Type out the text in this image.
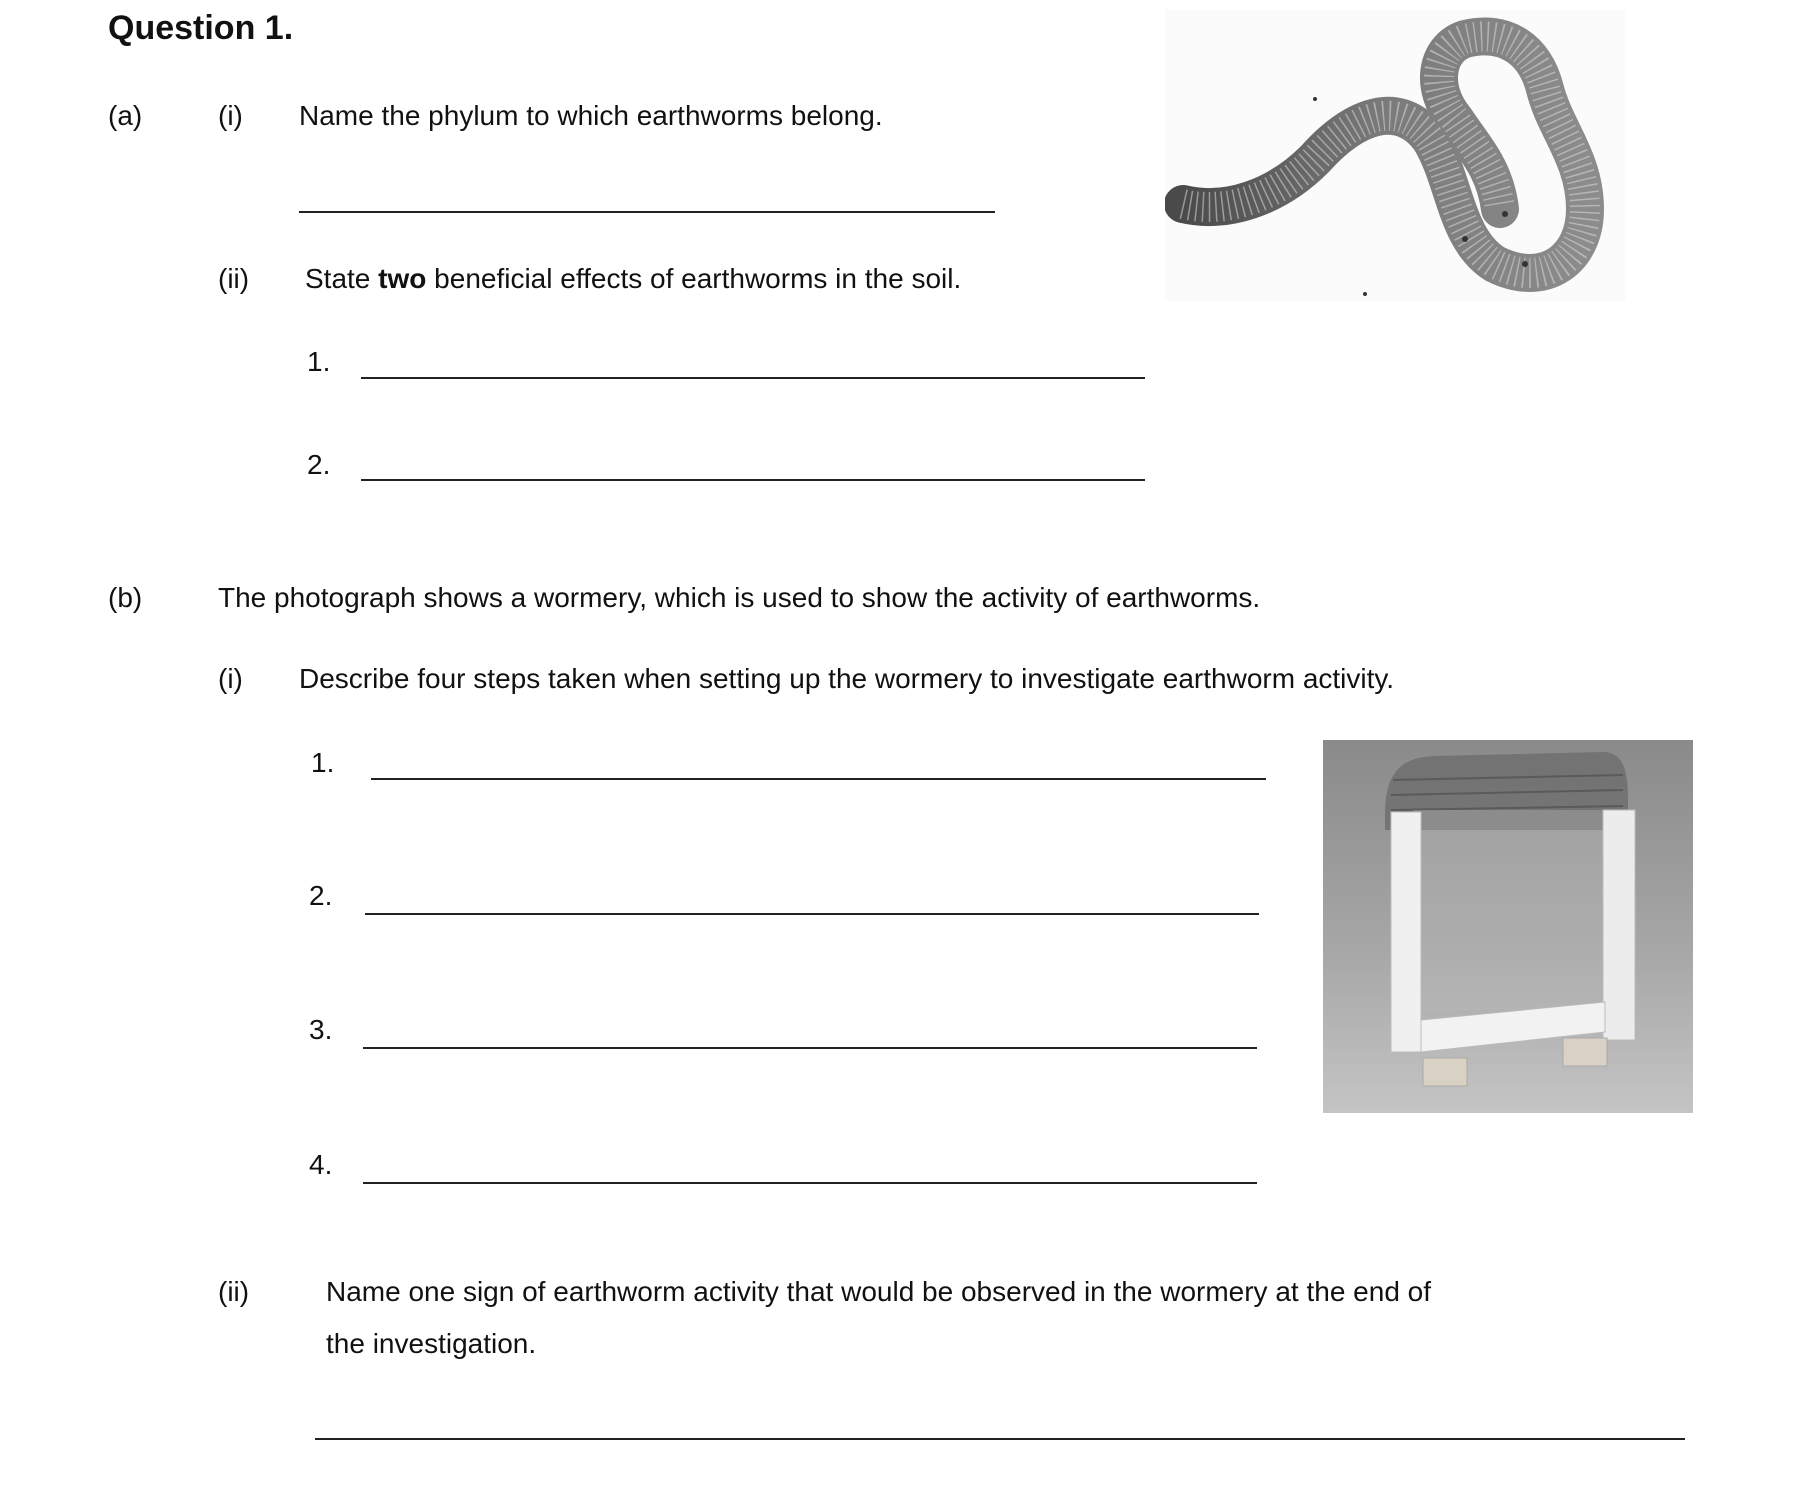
Question 1.
(a)	(i) Name the phylum to which earthworms belong.
(ii) State two beneficial effects of earthworms in the soil.
1.
2.
(b)	The photograph shows a wormery, which is used to show the activity of earthworms.
(i) Describe four steps taken when setting up the wormery to investigate earthworm activity.
1.
2.
3.
4.
(ii)	Name one sign of earthworm activity that would be observed in the wormery at the end of
the investigation.
